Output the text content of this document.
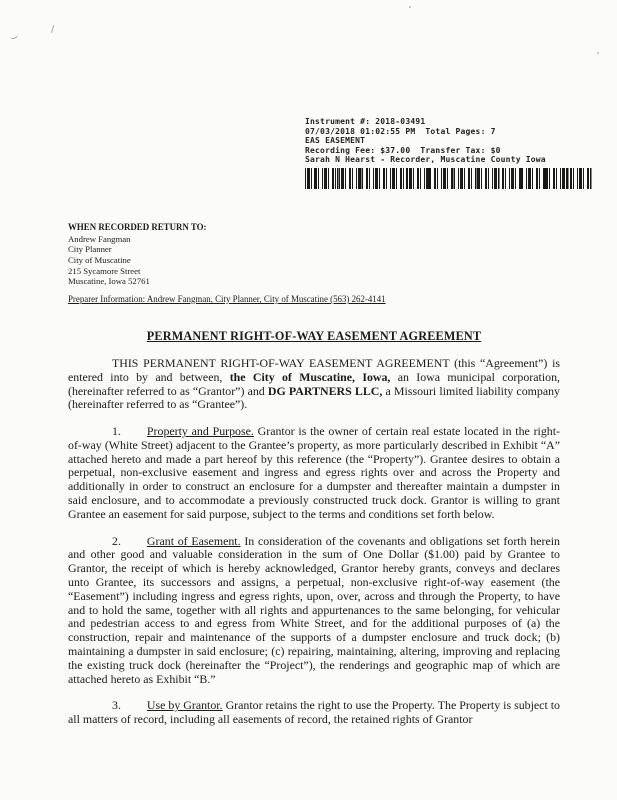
Instrument #: 2018-03491
07/03/2018 01:02:55 PM  Total Pages: 7
EAS EASEMENT
Recording Fee: $37.00  Transfer Tax: $0
Sarah N Hearst - Recorder, Muscatine County Iowa
WHEN RECORDED RETURN TO:
Andrew Fangman
City Planner
City of Muscatine
215 Sycamore Street
Muscatine, Iowa 52761
Preparer Information: Andrew Fangman, City Planner, City of Muscatine (563) 262-4141
PERMANENT RIGHT-OF-WAY EASEMENT AGREEMENT

THIS PERMANENT RIGHT-OF-WAY EASEMENT AGREEMENT (this “Agreement”) is entered into by and between, the City of Muscatine, Iowa, an Iowa municipal corporation, (hereinafter referred to as “Grantor”) and DG PARTNERS LLC, a Missouri limited liability company (hereinafter referred to as “Grantee”).

1. Property and Purpose. Grantor is the owner of certain real estate located in the right-of-way (White Street) adjacent to the Grantee’s property, as more particularly described in Exhibit “A” attached hereto and made a part hereof by this reference (the “Property”). Grantee desires to obtain a perpetual, non-exclusive easement and ingress and egress rights over and across the Property and additionally in order to construct an enclosure for a dumpster and thereafter maintain a dumpster in said enclosure, and to accommodate a previously constructed truck dock. Grantor is willing to grant Grantee an easement for said purpose, subject to the terms and conditions set forth below.

2. Grant of Easement. In consideration of the covenants and obligations set forth herein and other good and valuable consideration in the sum of One Dollar ($1.00) paid by Grantee to Grantor, the receipt of which is hereby acknowledged, Grantor hereby grants, conveys and declares unto Grantee, its successors and assigns, a perpetual, non-exclusive right-of-way easement (the “Easement”) including ingress and egress rights, upon, over, across and through the Property, to have and to hold the same, together with all rights and appurtenances to the same belonging, for vehicular and pedestrian access to and egress from White Street, and for the additional purposes of (a) the construction, repair and maintenance of the supports of a dumpster enclosure and truck dock; (b) maintaining a dumpster in said enclosure; (c) repairing, maintaining, altering, improving and replacing the existing truck dock (hereinafter the “Project”), the renderings and geographic map of which are attached hereto as Exhibit “B.”

3. Use by Grantor. Grantor retains the right to use the Property. The Property is subject to all matters of record, including all easements of record, the retained rights of Grantor
